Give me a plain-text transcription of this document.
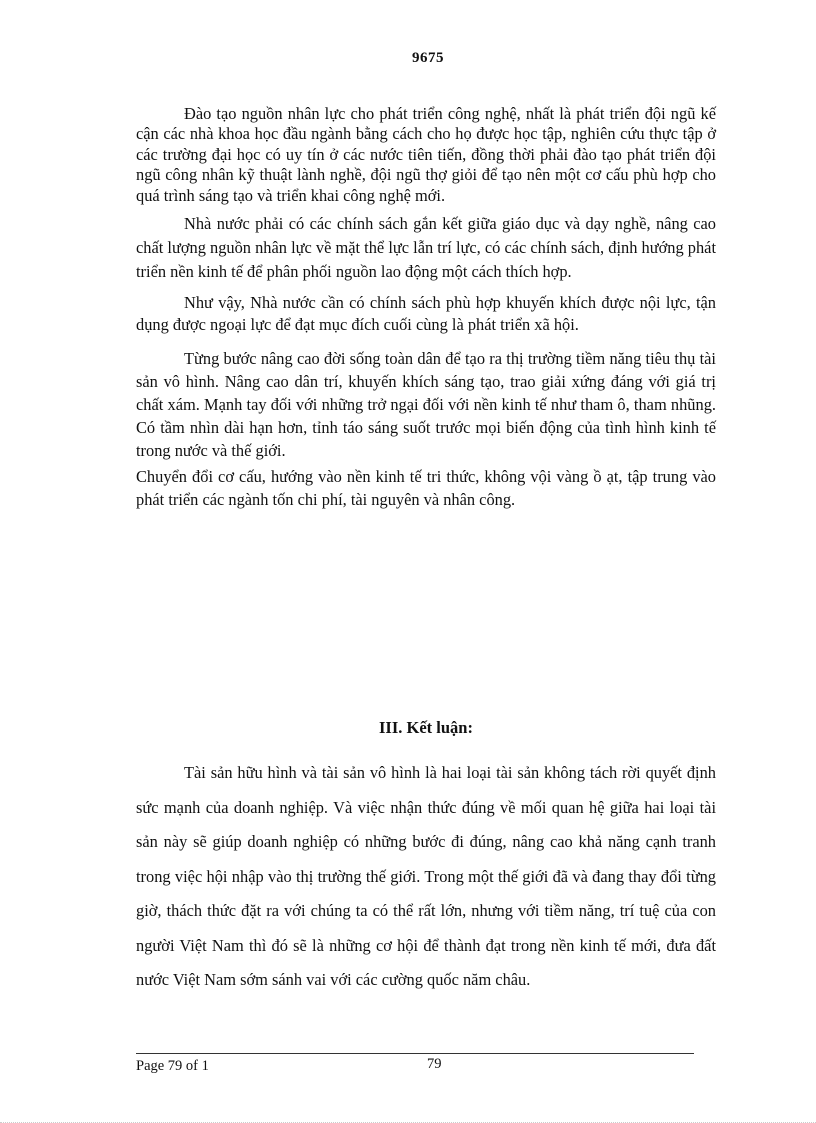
9675

Đào tạo nguồn nhân lực cho phát triển công nghệ, nhất là phát triển đội ngũ kế cận các nhà khoa học đầu ngành bằng cách cho họ được học tập, nghiên cứu thực tập ở các trường đại học có uy tín ở các nước tiên tiến, đồng thời phải đào tạo phát triển đội ngũ công nhân kỹ thuật lành nghề, đội ngũ thợ giỏi để tạo nên một cơ cấu phù hợp cho quá trình sáng tạo và triển khai công nghệ mới.

Nhà nước phải có các chính sách gắn kết giữa giáo dục và dạy nghề, nâng cao chất lượng nguồn nhân lực về mặt thể lực lẫn trí lực, có các chính sách, định hướng phát triển nền kinh tế để phân phối nguồn lao động một cách thích hợp.

Như vậy, Nhà nước cần có chính sách phù hợp khuyến khích được nội lực, tận dụng được ngoại lực để đạt mục đích cuối cùng là phát triển xã hội.

Từng bước nâng cao đời sống toàn dân để tạo ra thị trường tiềm năng tiêu thụ tài sản vô hình. Nâng cao dân trí, khuyến khích sáng tạo, trao giải xứng đáng với giá trị chất xám. Mạnh tay đối với những trở ngại đối với nền kinh tế như tham ô, tham nhũng. Có tầm nhìn dài hạn hơn, tỉnh táo sáng suốt trước mọi biến động của tình hình kinh tế trong nước và thế giới.

Chuyển đổi cơ cấu, hướng vào nền kinh tế tri thức, không vội vàng ồ ạt, tập trung vào phát triển các ngành tốn chi phí, tài nguyên và nhân công.

III. Kết luận:

Tài sản hữu hình và tài sản vô hình là hai loại tài sản không tách rời quyết định sức mạnh của doanh nghiệp. Và việc nhận thức đúng về mối quan hệ giữa hai loại tài sản này sẽ giúp doanh nghiệp có những bước đi đúng, nâng cao khả năng cạnh tranh trong việc hội nhập vào thị trường thế giới. Trong một thế giới đã và đang thay đổi từng giờ, thách thức đặt ra với chúng ta có thể rất lớn, nhưng với tiềm năng, trí tuệ của con người Việt Nam thì đó sẽ là những cơ hội để thành đạt trong nền kinh tế mới, đưa đất nước Việt Nam sớm sánh vai với các cường quốc năm châu.

Page 79 of 1	79
